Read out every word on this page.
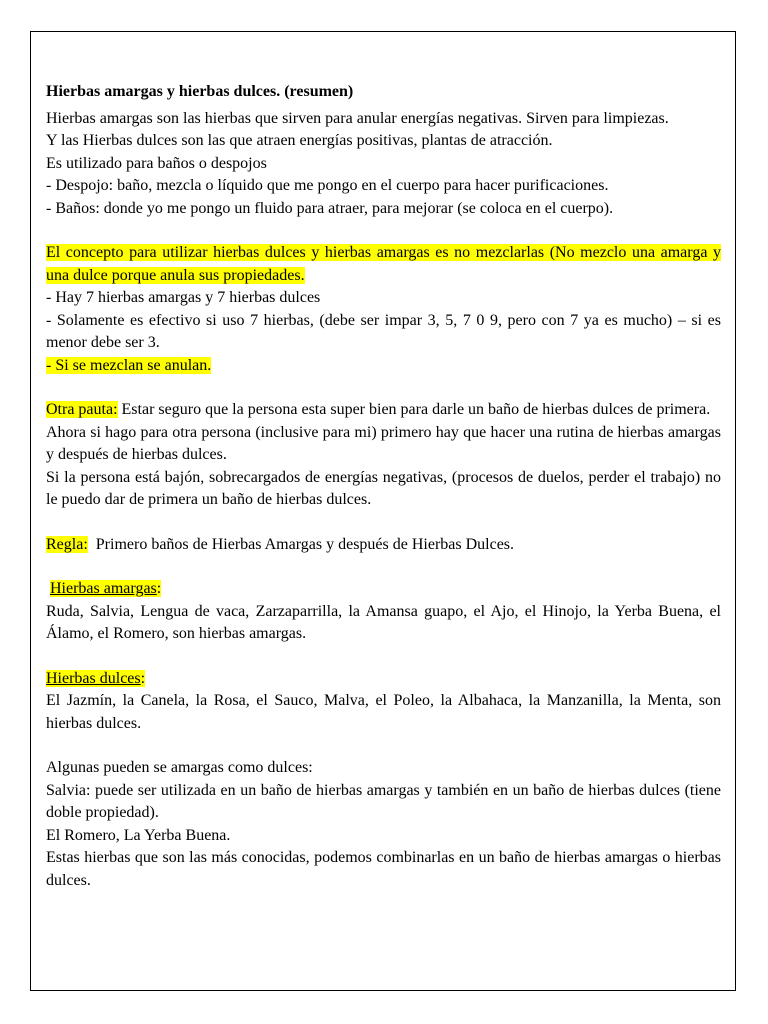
Hierbas amargas y hierbas dulces. (resumen)

Hierbas amargas son las hierbas que sirven para anular energías negativas. Sirven para limpiezas.

Y las Hierbas dulces son las que atraen energías positivas, plantas de atracción.

Es utilizado para baños o despojos

- Despojo: baño, mezcla o líquido que me pongo en el cuerpo para hacer purificaciones.

- Baños: donde yo me pongo un fluido para atraer, para mejorar (se coloca en el cuerpo).

El concepto para utilizar hierbas dulces y hierbas amargas es no mezclarlas (No mezclo una amarga y una dulce porque anula sus propiedades.

- Hay 7 hierbas amargas y 7 hierbas dulces

- Solamente es efectivo si uso 7 hierbas, (debe ser impar 3, 5, 7 0 9, pero con 7 ya es mucho) – si es menor debe ser 3.

- Si se mezclan se anulan.

Otra pauta: Estar seguro que la persona esta super bien para darle un baño de hierbas dulces de primera.

Ahora si hago para otra persona (inclusive para mi) primero hay que hacer una rutina de hierbas amargas y después de hierbas dulces.

Si la persona está bajón, sobrecargados de energías negativas, (procesos de duelos, perder el trabajo) no le puedo dar de primera un baño de hierbas dulces.

Regla:  Primero baños de Hierbas Amargas y después de Hierbas Dulces.

Hierbas amargas:

Ruda, Salvia, Lengua de vaca, Zarzaparrilla, la Amansa guapo, el Ajo, el Hinojo, la Yerba Buena, el Álamo, el Romero, son hierbas amargas.

Hierbas dulces:

El Jazmín, la Canela, la Rosa, el Sauco, Malva, el Poleo, la Albahaca, la Manzanilla, la Menta, son hierbas dulces.

Algunas pueden se amargas como dulces:

Salvia: puede ser utilizada en un baño de hierbas amargas y también en un baño de hierbas dulces (tiene doble propiedad).

El Romero, La Yerba Buena.

Estas hierbas que son las más conocidas, podemos combinarlas en un baño de hierbas amargas o hierbas dulces.
